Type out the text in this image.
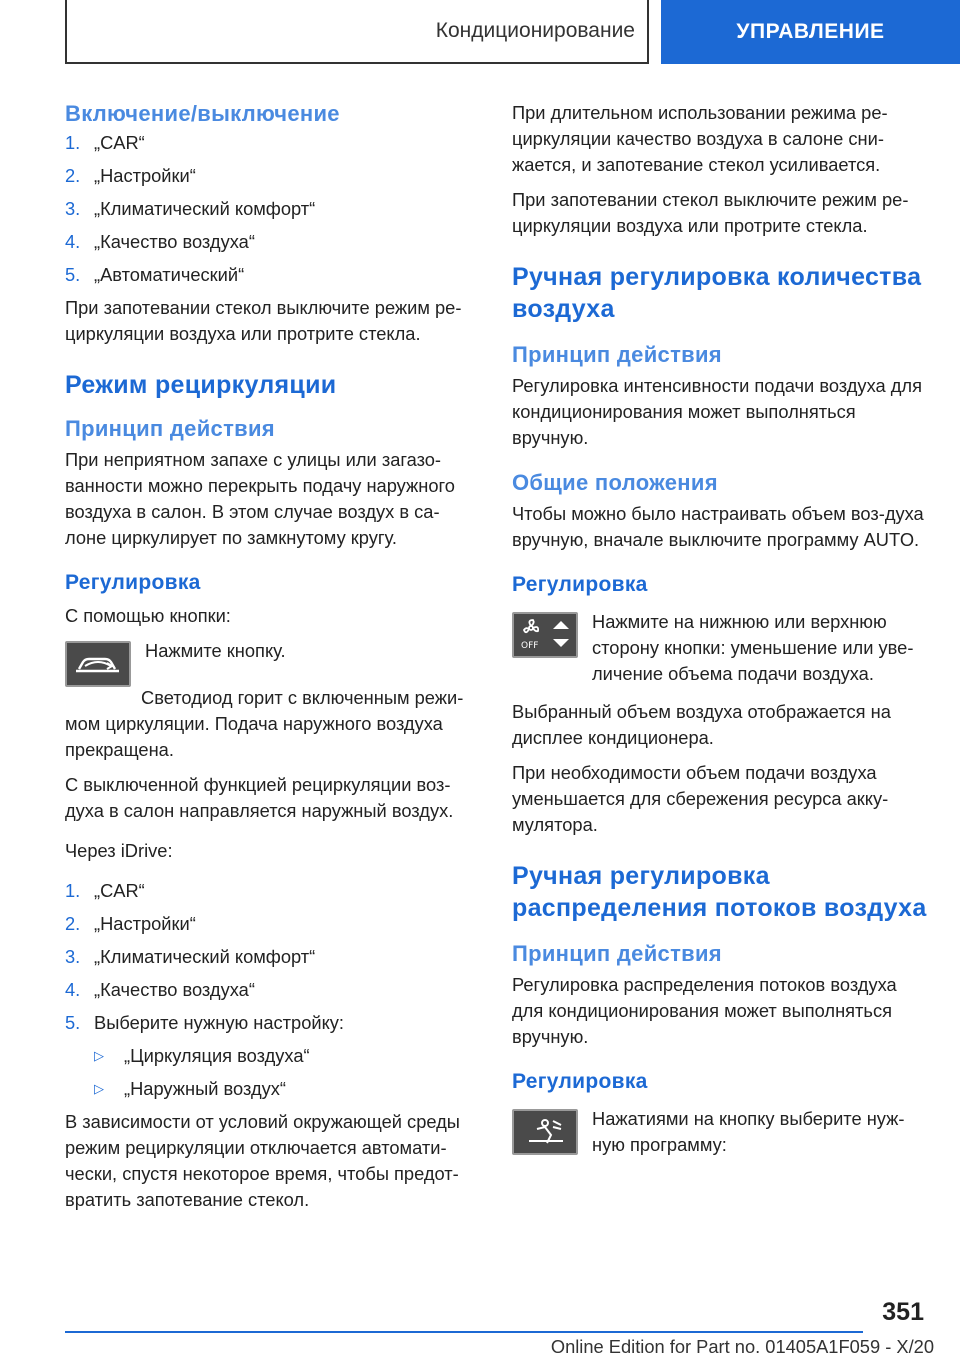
Кондиционирование	УПРАВЛЕНИЕ
Включение/выключение
1. „CAR“
2. „Настройки“
3. „Климатический комфорт“
4. „Качество воздуха“
5. „Автоматический“

При запотевании стекол выключите режим ре-циркуляции воздуха или протрите стекла.

Режим рециркуляции
Принцип действия

При неприятном запахе с улицы или загазо-ванности можно перекрыть подачу наружного воздуха в салон. В этом случае воздух в са-лоне циркулирует по замкнутому кругу.

Регулировка

С помощью кнопки:

Нажмите кнопку.

Светодиод горит с включенным режи-мом циркуляции. Подача наружного воздуха прекращена.

С выключенной функцией рециркуляции воз-духа в салон направляется наружный воздух.

Через iDrive:

1. „CAR“
2. „Настройки“
3. „Климатический комфорт“
4. „Качество воздуха“
5. Выберите нужную настройку:
▷	„Циркуляция воздуха“
▷	„Наружный воздух“

В зависимости от условий окружающей среды режим рециркуляции отключается автомати-чески, спустя некоторое время, чтобы предот-вратить запотевание стекол.

При длительном использовании режима ре-циркуляции качество воздуха в салоне сни-жается, и запотевание стекол усиливается.

При запотевании стекол выключите режим ре-циркуляции воздуха или протрите стекла.

Ручная регулировка количества воздуха
Принцип действия

Регулировка интенсивности подачи воздуха для кондиционирования может выполняться вручную.

Общие положения

Чтобы можно было настраивать объем воз-духа вручную, вначале выключите программу AUTO.

Регулировка
OFF

Нажмите на нижнюю или верхнюю сторону кнопки: уменьшение или уве-личение объема подачи воздуха.

Выбранный объем воздуха отображается на дисплее кондиционера.

При необходимости объем подачи воздуха уменьшается для сбережения ресурса акку-мулятора.

Ручная регулировка распределения потоков воздуха
Принцип действия

Регулировка распределения потоков воздуха для кондиционирования может выполняться вручную.

Регулировка

Нажатиями на кнопку выберите нуж-ную программу:

351
Online Edition for Part no. 01405A1F059 - X/20
